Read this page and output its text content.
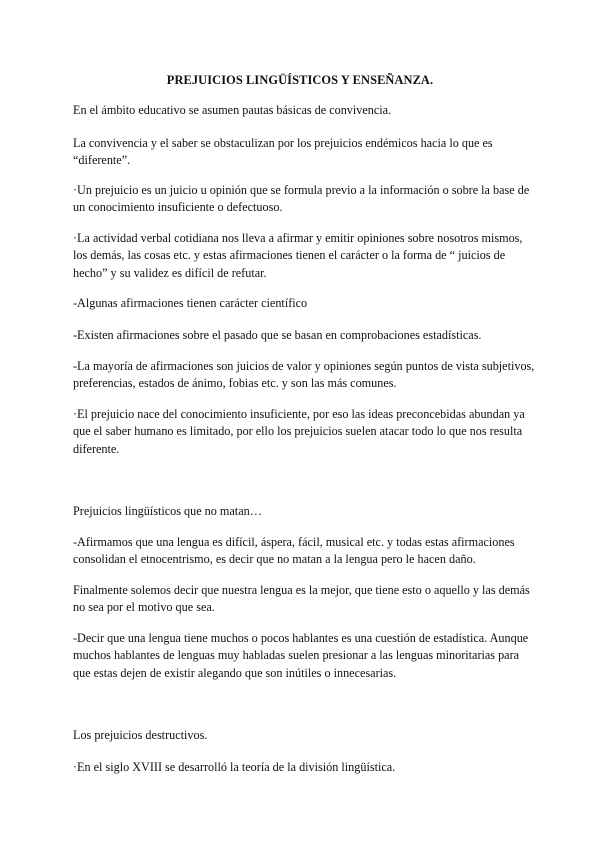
PREJUICIOS LINGÜÍSTICOS Y ENSEÑANZA.

En el ámbito educativo se asumen pautas básicas de convivencia.

La convivencia y el saber se obstaculizan por los prejuicios endémicos hacia lo que es “diferente”.

·Un prejuicio es un juicio u opinión que se formula previo a la información o sobre la base de un conocimiento insuficiente o defectuoso.

·La actividad verbal cotidiana nos lleva a afirmar y emitir opiniones sobre nosotros mismos, los demás, las cosas etc. y estas afirmaciones tienen el carácter o la forma de “ juicios de hecho” y su validez es difícil de refutar.

-Algunas afirmaciones tienen carácter científico

-Existen afirmaciones sobre el pasado que se basan en comprobaciones estadísticas.

-La mayoría de afirmaciones son juicios de valor y opiniones según puntos de vista subjetivos, preferencias, estados de ánimo, fobias etc. y son las más comunes.

·El prejuicio nace del conocimiento insuficiente, por eso las ideas preconcebidas abundan ya que el saber humano es limitado, por ello los prejuicios suelen atacar todo lo que nos resulta diferente.

Prejuicios lingüísticos que no matan…

-Afirmamos que una lengua es difícil, áspera, fácil, musical etc. y todas estas afirmaciones consolidan el etnocentrismo, es decir que no matan a la lengua pero le hacen daño.

Finalmente solemos decir que nuestra lengua es la mejor, que tiene esto o aquello y las demás no sea por el motivo que sea.

-Decir que una lengua tiene muchos o pocos hablantes es una cuestión de estadística. Aunque muchos hablantes de lenguas muy habladas suelen presionar a las lenguas minoritarias para que estas dejen de existir alegando que son inútiles o innecesarias.

Los prejuicios destructivos.

·En el siglo XVIII se desarrolló la teoría de la división lingüística.
